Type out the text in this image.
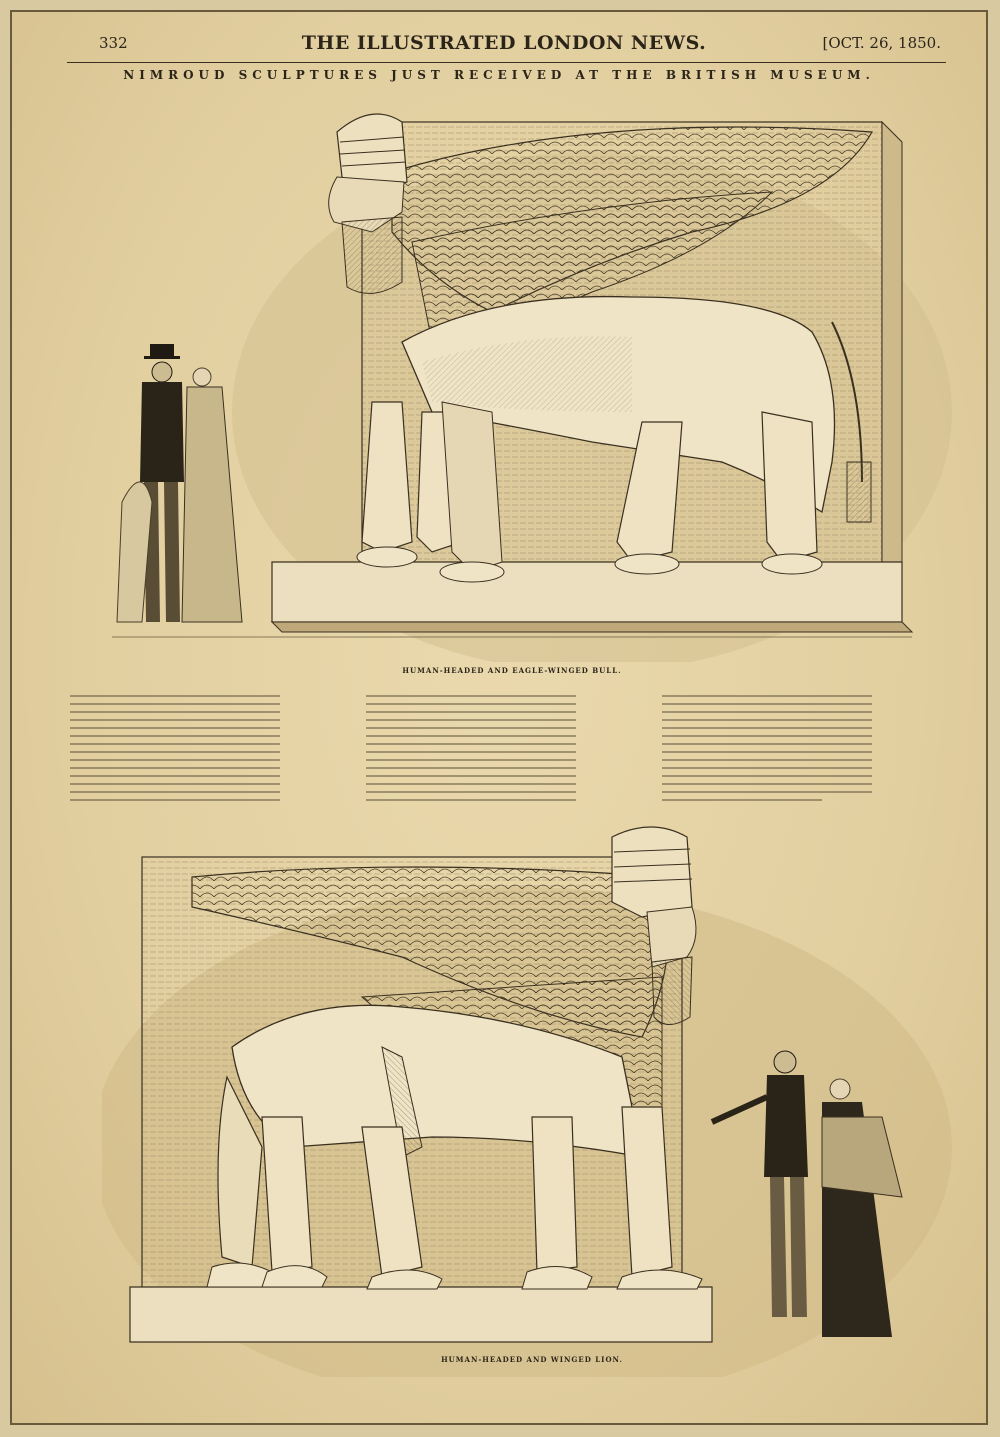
332	THE ILLUSTRATED LONDON NEWS.	[OCT. 26, 1850.
NIMROUD SCULPTURES JUST RECEIVED AT THE BRITISH MUSEUM.
HUMAN-HEADED AND EAGLE-WINGED BULL.
HUMAN-HEADED AND WINGED LION.
